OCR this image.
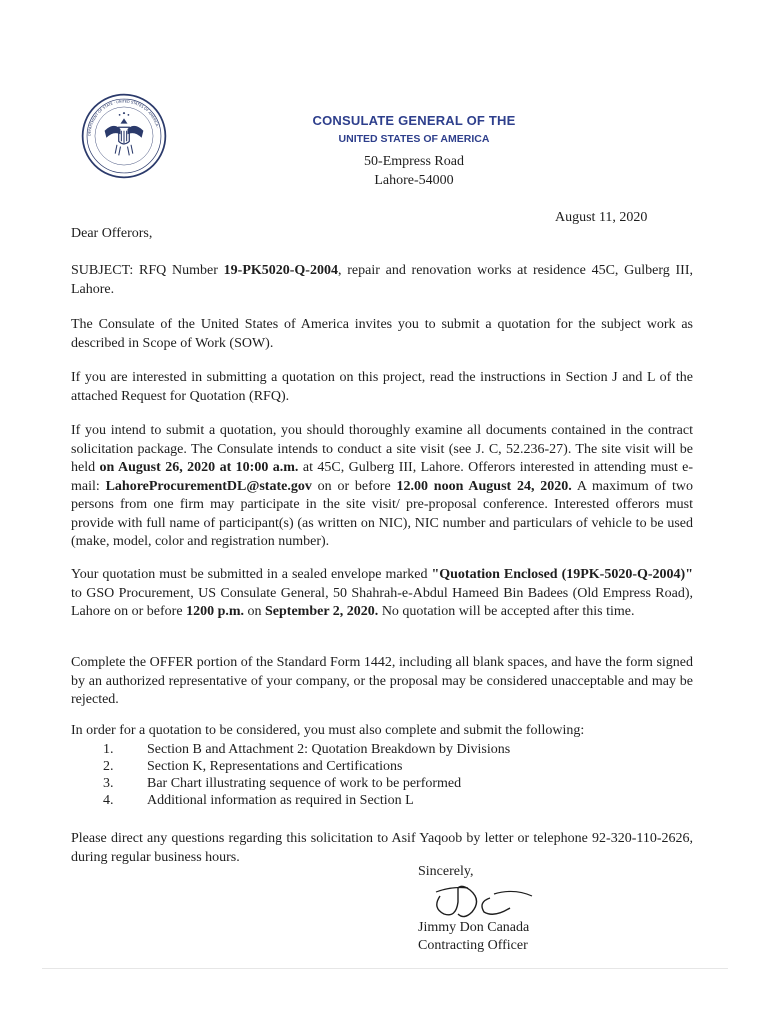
DEPARTMENT OF STATE · UNITED STATES OF AMERICA ·	CONSULATE GENERAL OF THE
UNITED STATES OF AMERICA
50-Empress Road
Lahore-54000
August 11, 2020
Dear Offerors,

SUBJECT: RFQ Number 19-PK5020-Q-2004, repair and renovation works at residence 45C, Gulberg III, Lahore.

The Consulate of the United States of America invites you to submit a quotation for the subject work as described in Scope of Work (SOW).

If you are interested in submitting a quotation on this project, read the instructions in Section J and L of the attached Request for Quotation (RFQ).

If you intend to submit a quotation, you should thoroughly examine all documents contained in the contract solicitation package. The Consulate intends to conduct a site visit (see J. C, 52.236-27). The site visit will be held on August 26, 2020 at 10:00 a.m. at 45C, Gulberg III, Lahore. Offerors interested in attending must e-mail: LahoreProcurementDL@state.gov on or before 12.00 noon August 24, 2020. A maximum of two persons from one firm may participate in the site visit/ pre-proposal conference. Interested offerors must provide with full name of participant(s) (as written on NIC), NIC number and particulars of vehicle to be used (make, model, color and registration number).

Your quotation must be submitted in a sealed envelope marked "Quotation Enclosed (19PK-5020-Q-2004)" to GSO Procurement, US Consulate General, 50 Shahrah-e-Abdul Hameed Bin Badees (Old Empress Road), Lahore on or before 1200 p.m. on September 2, 2020. No quotation will be accepted after this time.

Complete the OFFER portion of the Standard Form 1442, including all blank spaces, and have the form signed by an authorized representative of your company, or the proposal may be considered unacceptable and may be rejected.

In order for a quotation to be considered, you must also complete and submit the following:

1. Section B and Attachment 2: Quotation Breakdown by Divisions
2. Section K, Representations and Certifications
3. Bar Chart illustrating sequence of work to be performed
4. Additional information as required in Section L

Please direct any questions regarding this solicitation to Asif Yaqoob by letter or telephone 92-320-110-2626, during regular business hours.

Sincerely,
Jimmy Don Canada
Contracting Officer
